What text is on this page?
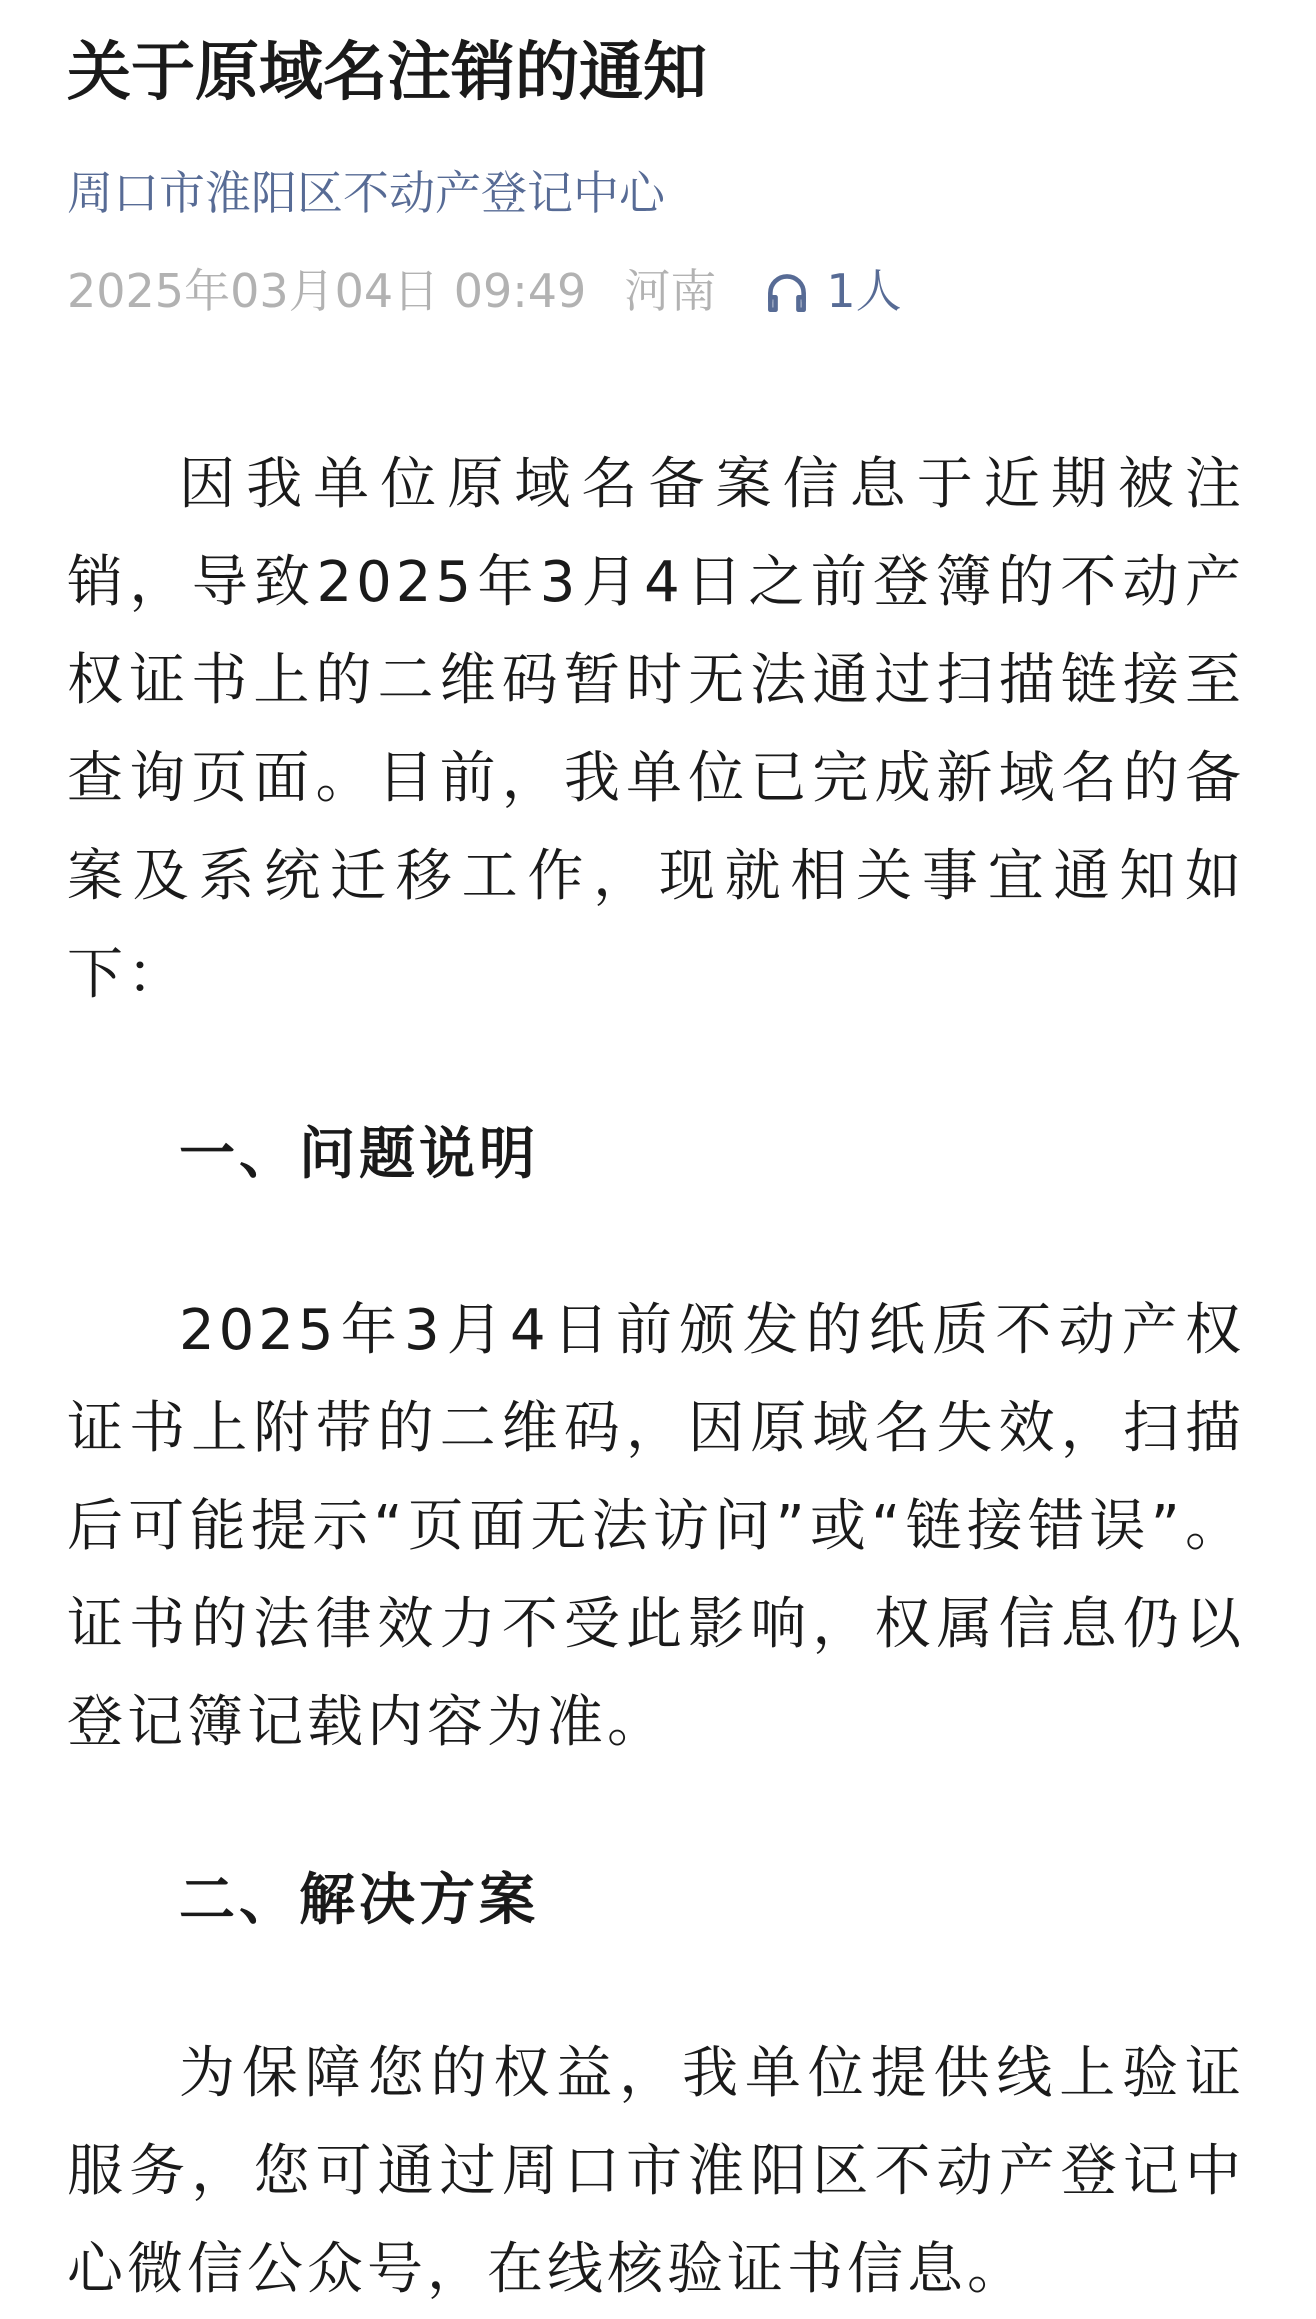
关于原域名注销的通知
周口市淮阳区不动产登记中心
2025年03月04日 09:49 河南 1人

因我单位原域名备案信息于近期被注销，导致2025年3月4日之前登簿的不动产权证书上的二维码暂时无法通过扫描链接至查询页面。目前，我单位已完成新域名的备案及系统迁移工作，现就相关事宜通知如下：

一、问题说明

2025年3月4日前颁发的纸质不动产权证书上附带的二维码，因原域名失效，扫描后可能提示“页面无法访问”或“链接错误”。证书的法律效力不受此影响，权属信息仍以登记簿记载内容为准。

二、解决方案

为保障您的权益，我单位提供线上验证服务，您可通过周口市淮阳区不动产登记中心微信公众号，在线核验证书信息。
